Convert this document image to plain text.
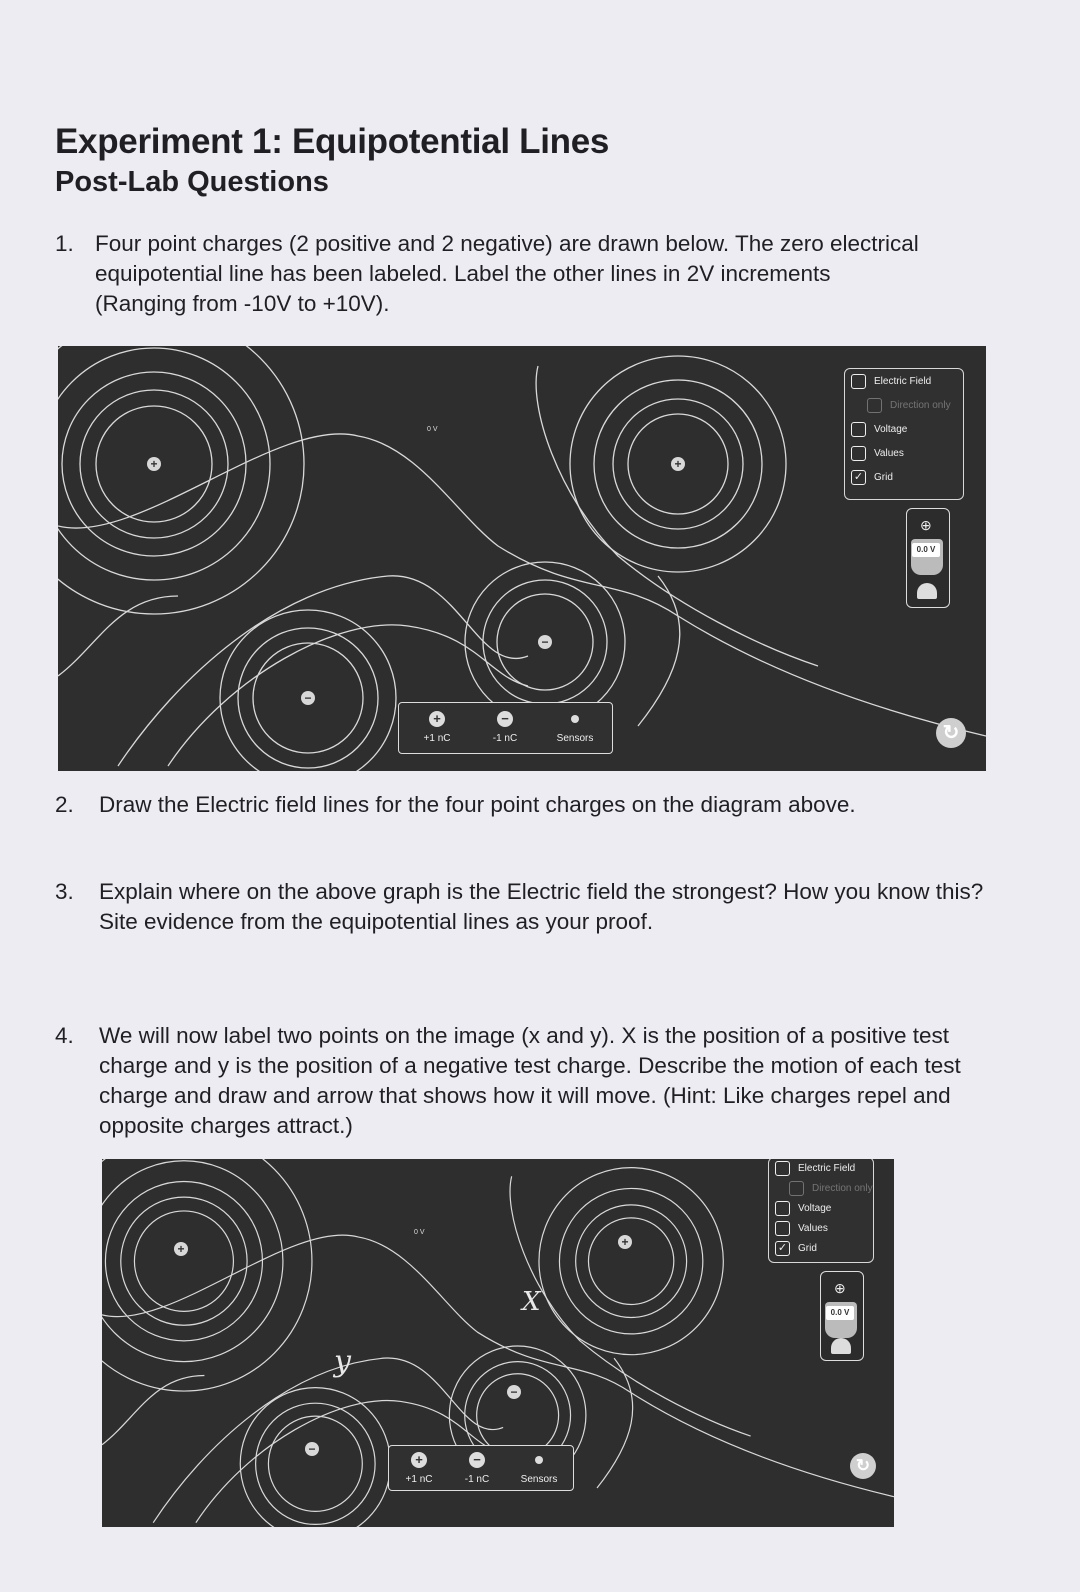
Experiment 1: Equipotential Lines
Post-Lab Questions
1. Four point charges (2 positive and 2 negative) are drawn below. The zero electrical
equipotential line has been labeled. Label the other lines in 2V increments
(Ranging from -10V to +10V).
0 V
+	+
−
−
Electric Field
Direction only
Voltage
Values
✓ Grid
⊕
0.0 V
+
+1 nC
−
-1 nC	Sensors	↻
2. Draw the Electric field lines for the four point charges on the diagram above.
3. Explain where on the above graph is the Electric field the strongest? How you know this?
Site evidence from the equipotential lines as your proof.
4. We will now label two points on the image (x and y). X is the position of a positive test
charge and y is the position of a negative test charge. Describe the motion of each test
charge and draw and arrow that shows how it will move. (Hint: Like charges repel and
opposite charges attract.)
0 V
+	+
−
−
X
y
Electric Field
Direction only
Voltage
Values
✓ Grid
⊕
0.0 V
+
+1 nC
−
-1 nC	Sensors
↻
